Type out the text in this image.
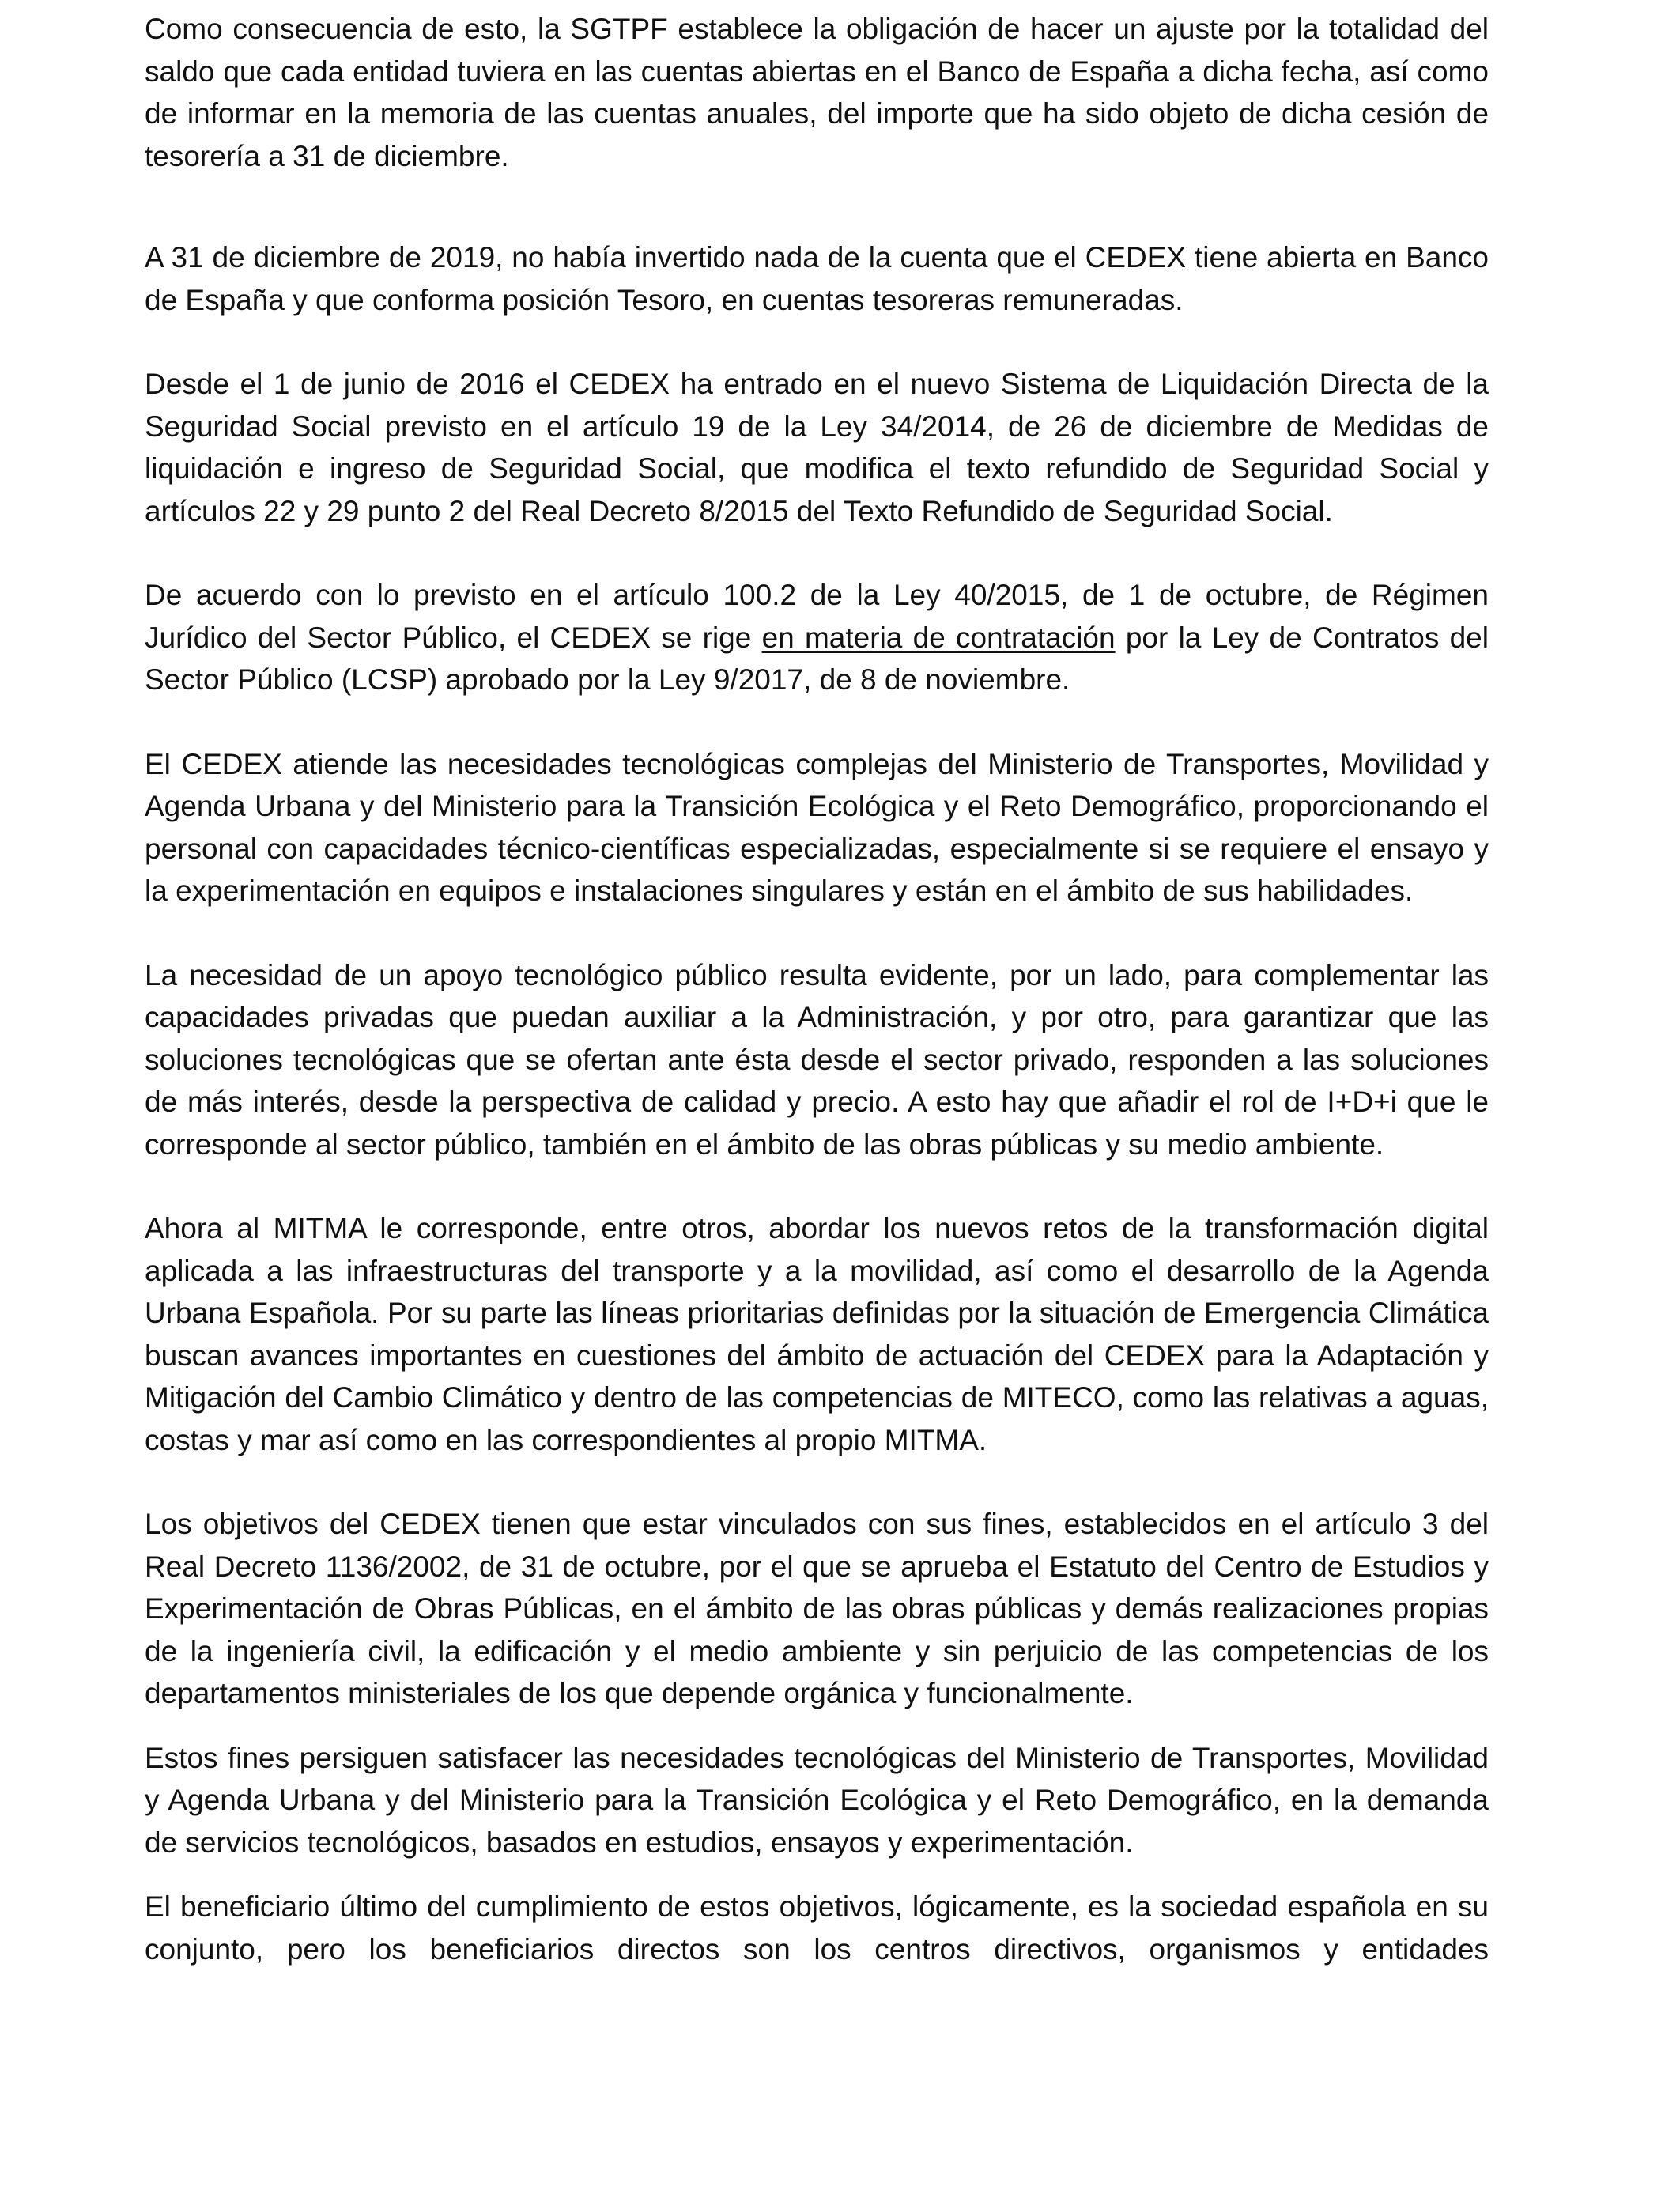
Como consecuencia de esto, la SGTPF establece la obligación de hacer un ajuste por la totalidad del saldo que cada entidad tuviera en las cuentas abiertas en el Banco de España a dicha fecha, así como de informar en la memoria de las cuentas anuales, del importe que ha sido objeto de dicha cesión de tesorería a 31 de diciembre.

A 31 de diciembre de 2019, no había invertido nada de la cuenta que el CEDEX tiene abierta en Banco de España y que conforma posición Tesoro, en cuentas tesoreras remuneradas.

Desde el 1 de junio de 2016 el CEDEX ha entrado en el nuevo Sistema de Liquidación Directa de la Seguridad Social previsto en el artículo 19 de la Ley 34/2014, de 26 de diciembre de Medidas de liquidación e ingreso de Seguridad Social, que modifica el texto refundido de Seguridad Social y artículos 22 y 29 punto 2 del Real Decreto 8/2015 del Texto Refundido de Seguridad Social.

De acuerdo con lo previsto en el artículo 100.2 de la Ley 40/2015, de 1 de octubre, de Régimen Jurídico del Sector Público, el CEDEX se rige en materia de contratación por la Ley de Contratos del Sector Público (LCSP) aprobado por la Ley 9/2017, de 8 de noviembre.

El CEDEX atiende las necesidades tecnológicas complejas del Ministerio de Transportes, Movilidad y Agenda Urbana y del Ministerio para la Transición Ecológica y el Reto Demográfico, proporcionando el personal con capacidades técnico-científicas especializadas, especialmente si se requiere el ensayo y la experimentación en equipos e instalaciones singulares y están en el ámbito de sus habilidades.

La necesidad de un apoyo tecnológico público resulta evidente, por un lado, para complementar las capacidades privadas que puedan auxiliar a la Administración, y por otro, para garantizar que las soluciones tecnológicas que se ofertan ante ésta desde el sector privado, responden a las soluciones de más interés, desde la perspectiva de calidad y precio. A esto hay que añadir el rol de I+D+i que le corresponde al sector público, también en el ámbito de las obras públicas y su medio ambiente.

Ahora al MITMA le corresponde, entre otros, abordar los nuevos retos de la transformación digital aplicada a las infraestructuras del transporte y a la movilidad, así como el desarrollo de la Agenda Urbana Española. Por su parte las líneas prioritarias definidas por la situación de Emergencia Climática buscan avances importantes en cuestiones del ámbito de actuación del CEDEX para la Adaptación y Mitigación del Cambio Climático y dentro de las competencias de MITECO, como las relativas a aguas, costas y mar así como en las correspondientes al propio MITMA.

Los objetivos del CEDEX tienen que estar vinculados con sus fines, establecidos en el artículo 3 del Real Decreto 1136/2002, de 31 de octubre, por el que se aprueba el Estatuto del Centro de Estudios y Experimentación de Obras Públicas, en el ámbito de las obras públicas y demás realizaciones propias de la ingeniería civil, la edificación y el medio ambiente y sin perjuicio de las competencias de los departamentos ministeriales de los que depende orgánica y funcionalmente.

Estos fines persiguen satisfacer las necesidades tecnológicas del Ministerio de Transportes, Movilidad y Agenda Urbana y del Ministerio para la Transición Ecológica y el Reto Demográfico, en la demanda de servicios tecnológicos, basados en estudios, ensayos y experimentación.

El beneficiario último del cumplimiento de estos objetivos, lógicamente, es la sociedad española en su conjunto, pero los beneficiarios directos son los centros directivos, organismos y entidades
